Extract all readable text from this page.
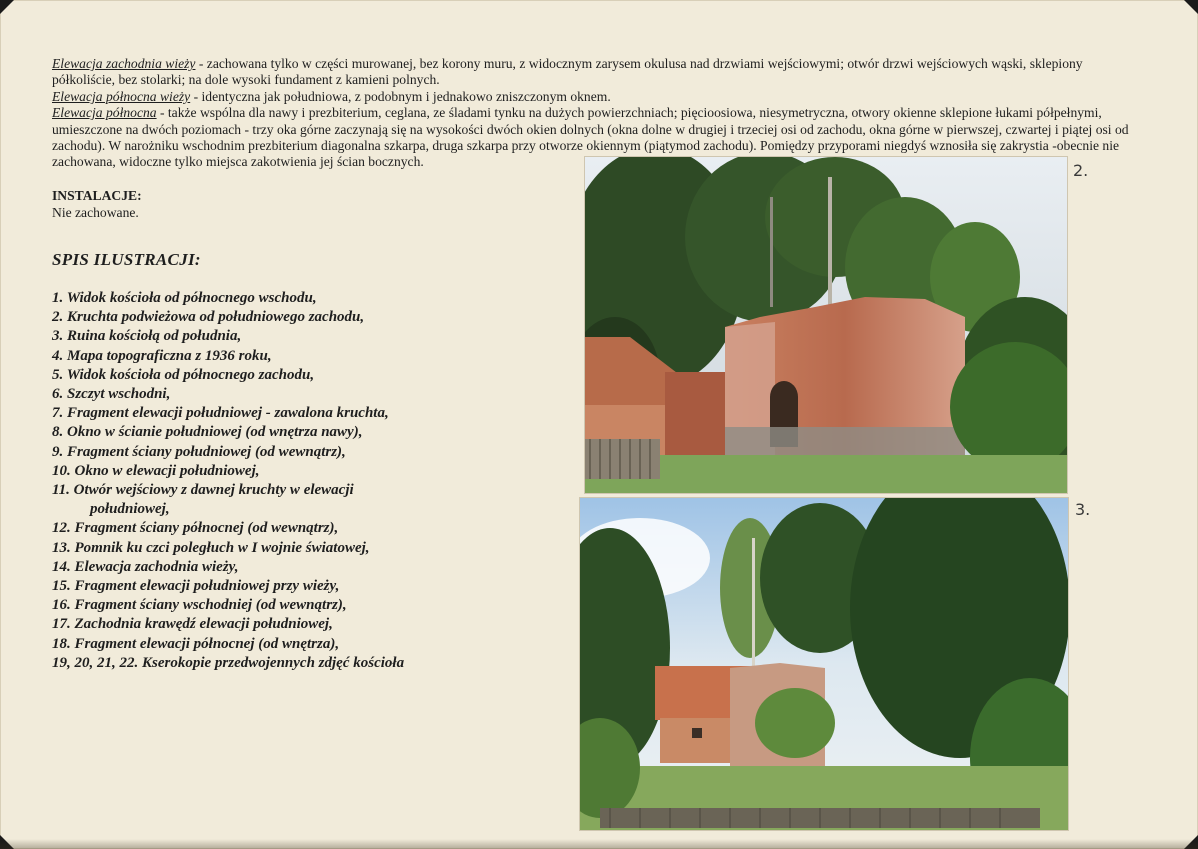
Elewacja zachodnia wieży - zachowana tylko w części murowanej, bez korony muru, z widocznym zarysem okulusa nad drzwiami wejściowymi; otwór drzwi wejściowych wąski, sklepiony półkoliście, bez stolarki; na dole wysoki fundament z kamieni polnych.

Elewacja północna wieży - identyczna jak południowa, z podobnym i jednakowo zniszczonym oknem.

Elewacja północna - także wspólna dla nawy i prezbiterium, ceglana, ze śladami tynku na dużych powierzchniach; pięcioosiowa, niesymetryczna, otwory okienne sklepione łukami półpełnymi, umieszczone na dwóch poziomach - trzy oka górne zaczynają się na wysokości dwóch okien dolnych (okna dolne w drugiej i trzeciej osi od zachodu, okna górne w pierwszej, czwartej i piątej osi od zachodu). W narożniku wschodnim prezbiterium diagonalna szkarpa, druga szkarpa przy otworze okiennym (piątymod zachodu). Pomiędzy przyporami niegdyś wznosiła się zakrystia -obecnie nie zachowana, widoczne tylko miejsca zakotwienia jej ścian bocznych.

INSTALACJE:
Nie zachowane.
SPIS ILUSTRACJI:
1. Widok kościoła od północnego wschodu,
2. Kruchta podwieżowa od południowego zachodu,
3. Ruina kościołą od południa,
4. Mapa topograficzna z 1936 roku,
5. Widok kościoła od północnego zachodu,
6. Szczyt wschodni,
7. Fragment elewacji południowej - zawalona kruchta,
8. Okno w ścianie południowej (od wnętrza nawy),
9. Fragment ściany południowej (od wewnątrz),
10. Okno w elewacji południowej,
11. Otwór wejściowy z dawnej kruchty w elewacji
południowej,
12. Fragment ściany północnej (od wewnątrz),
13. Pomnik ku czci poległuch w I wojnie światowej,
14. Elewacja zachodnia wieży,
15. Fragment elewacji południowej przy wieży,
16. Fragment ściany wschodniej (od wewnątrz),
17. Zachodnia krawędź elewacji południowej,
18. Fragment elewacji północnej (od wnętrza),
19, 20, 21, 22. Kserokopie przedwojennych zdjęć kościoła
2.
3.
